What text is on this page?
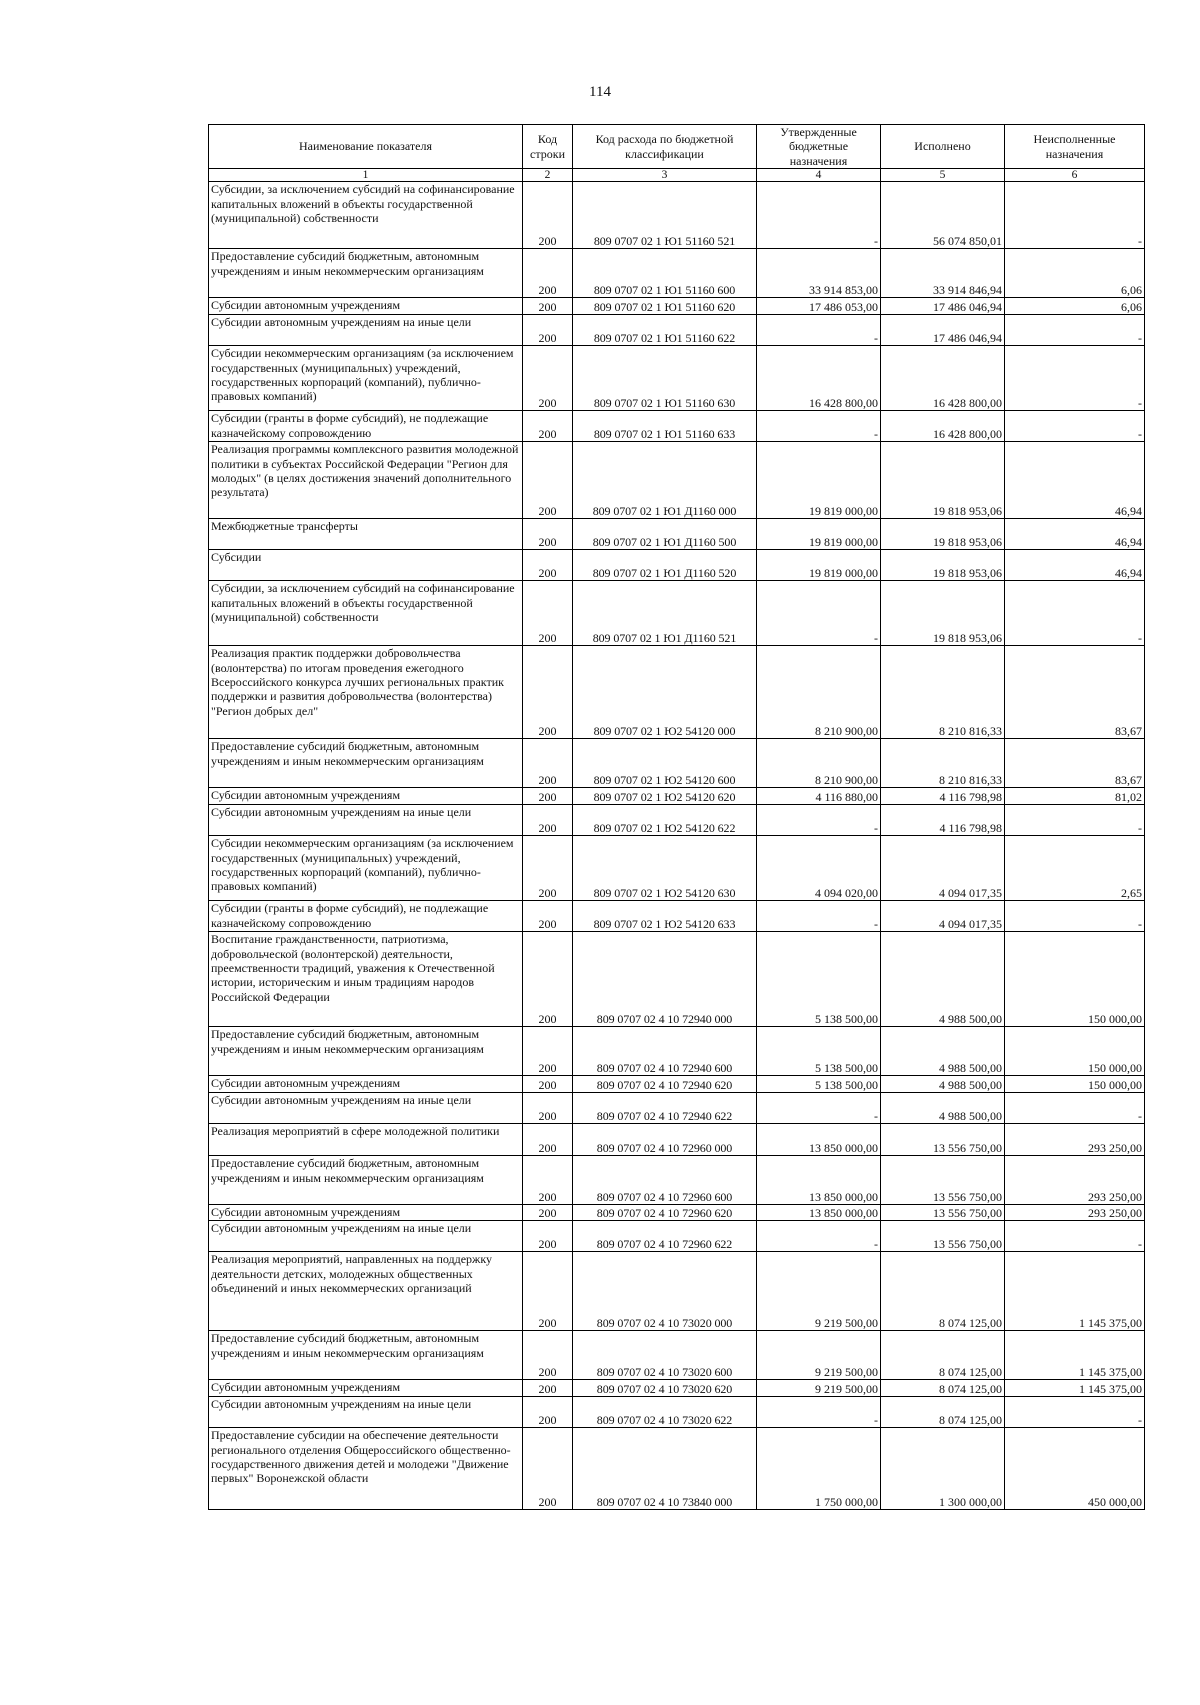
114
Наименование показателя	Код строки	Код расхода по бюджетной классификации	Утвержденные бюджетные назначения	Исполнено	Неисполненные назначения
1	2	3	4	5	6
Субсидии, за исключением субсидий на софинансирование капитальных вложений в объекты государственной (муниципальной) собственности	200	809 0707 02 1 Ю1 51160 521	-	56 074 850,01	-
Предоставление субсидий бюджетным, автономным учреждениям и иным некоммерческим организациям	200	809 0707 02 1 Ю1 51160 600	33 914 853,00	33 914 846,94	6,06
Субсидии автономным учреждениям	200	809 0707 02 1 Ю1 51160 620	17 486 053,00	17 486 046,94	6,06
Субсидии автономным учреждениям на иные цели	200	809 0707 02 1 Ю1 51160 622	-	17 486 046,94	-
Субсидии некоммерческим организациям (за исключением государственных (муниципальных) учреждений, государственных корпораций (компаний), публично-правовых компаний)	200	809 0707 02 1 Ю1 51160 630	16 428 800,00	16 428 800,00	-
Субсидии (гранты в форме субсидий), не подлежащие казначейскому сопровождению	200	809 0707 02 1 Ю1 51160 633	-	16 428 800,00	-
Реализация программы комплексного развития молодежной политики в субъектах Российской Федерации "Регион для молодых" (в целях достижения значений дополнительного результата)	200	809 0707 02 1 Ю1 Д1160 000	19 819 000,00	19 818 953,06	46,94
Межбюджетные трансферты	200	809 0707 02 1 Ю1 Д1160 500	19 819 000,00	19 818 953,06	46,94
Субсидии	200	809 0707 02 1 Ю1 Д1160 520	19 819 000,00	19 818 953,06	46,94
Субсидии, за исключением субсидий на софинансирование капитальных вложений в объекты государственной (муниципальной) собственности	200	809 0707 02 1 Ю1 Д1160 521	-	19 818 953,06	-
Реализация практик поддержки добровольчества (волонтерства) по итогам проведения ежегодного Всероссийского конкурса лучших региональных практик поддержки и развития добровольчества (волонтерства) "Регион добрых дел"	200	809 0707 02 1 Ю2 54120 000	8 210 900,00	8 210 816,33	83,67
Предоставление субсидий бюджетным, автономным учреждениям и иным некоммерческим организациям	200	809 0707 02 1 Ю2 54120 600	8 210 900,00	8 210 816,33	83,67
Субсидии автономным учреждениям	200	809 0707 02 1 Ю2 54120 620	4 116 880,00	4 116 798,98	81,02
Субсидии автономным учреждениям на иные цели	200	809 0707 02 1 Ю2 54120 622	-	4 116 798,98	-
Субсидии некоммерческим организациям (за исключением государственных (муниципальных) учреждений, государственных корпораций (компаний), публично-правовых компаний)	200	809 0707 02 1 Ю2 54120 630	4 094 020,00	4 094 017,35	2,65
Субсидии (гранты в форме субсидий), не подлежащие казначейскому сопровождению	200	809 0707 02 1 Ю2 54120 633	-	4 094 017,35	-
Воспитание гражданственности, патриотизма, добровольческой (волонтерской) деятельности, преемственности традиций, уважения к Отечественной истории, историческим и иным традициям народов Российской Федерации	200	809 0707 02 4 10 72940 000	5 138 500,00	4 988 500,00	150 000,00
Предоставление субсидий бюджетным, автономным учреждениям и иным некоммерческим организациям	200	809 0707 02 4 10 72940 600	5 138 500,00	4 988 500,00	150 000,00
Субсидии автономным учреждениям	200	809 0707 02 4 10 72940 620	5 138 500,00	4 988 500,00	150 000,00
Субсидии автономным учреждениям на иные цели	200	809 0707 02 4 10 72940 622	-	4 988 500,00	-
Реализация мероприятий в сфере молодежной политики	200	809 0707 02 4 10 72960 000	13 850 000,00	13 556 750,00	293 250,00
Предоставление субсидий бюджетным, автономным учреждениям и иным некоммерческим организациям	200	809 0707 02 4 10 72960 600	13 850 000,00	13 556 750,00	293 250,00
Субсидии автономным учреждениям	200	809 0707 02 4 10 72960 620	13 850 000,00	13 556 750,00	293 250,00
Субсидии автономным учреждениям на иные цели	200	809 0707 02 4 10 72960 622	-	13 556 750,00	-
Реализация мероприятий, направленных на поддержку деятельности детских, молодежных общественных объединений и иных некоммерческих организаций	200	809 0707 02 4 10 73020 000	9 219 500,00	8 074 125,00	1 145 375,00
Предоставление субсидий бюджетным, автономным учреждениям и иным некоммерческим организациям	200	809 0707 02 4 10 73020 600	9 219 500,00	8 074 125,00	1 145 375,00
Субсидии автономным учреждениям	200	809 0707 02 4 10 73020 620	9 219 500,00	8 074 125,00	1 145 375,00
Субсидии автономным учреждениям на иные цели	200	809 0707 02 4 10 73020 622	-	8 074 125,00	-
Предоставление субсидии на обеспечение деятельности регионального отделения Общероссийского общественно-государственного движения детей и молодежи "Движение первых" Воронежской области	200	809 0707 02 4 10 73840 000	1 750 000,00	1 300 000,00	450 000,00
